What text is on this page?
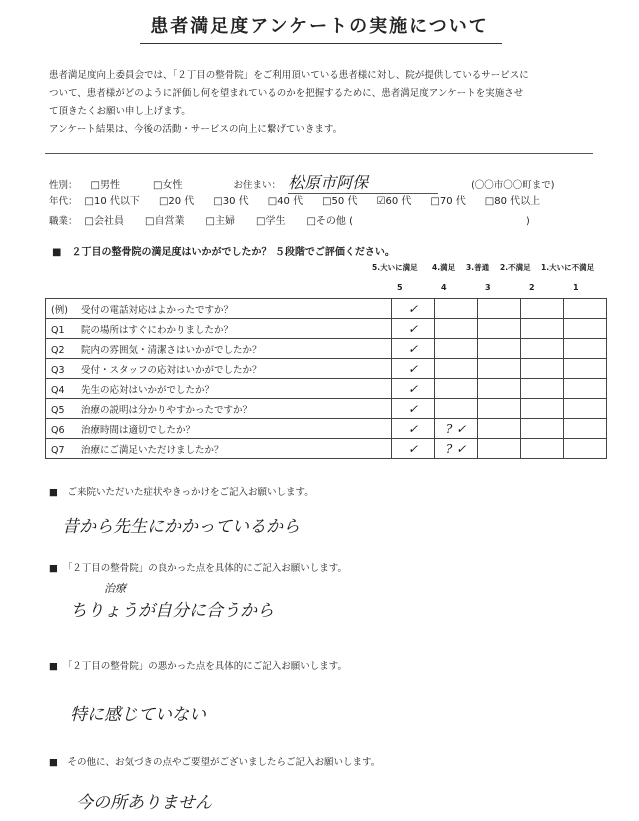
患者満足度アンケートの実施について

患者満足度向上委員会では、「２丁目の整骨院」をご利用頂いている患者様に対し、院が提供しているサービスに

ついて、患者様がどのように評価し何を望まれているのかを把握するために、患者満足度アンケートを実施させ

て頂きたくお願い申し上げます。

アンケート結果は、今後の活動・サービスの向上に繋げていきます。

性別： □男性	□女性	お住まい： 松原市阿保	(〇〇市〇〇町まで)
年代： □10 代以下 □20 代 □30 代 □40 代 □50 代 ☑60 代 □70 代 □80 代以上
職業： □会社員 □自営業 □主婦 □学生 □その他 (	)
■　２丁目の整骨院の満足度はいかがでしたか？ ５段階でご評価ください。
5.大いに満足 4.満足 3.普通 2.不満足 1.大いに不満足
5	4	3	2	1
(例) 受付の電話対応はよかったですか？	✓				
Q1 院の場所はすぐにわかりましたか？	✓				
Q2 院内の雰囲気・清潔さはいかがでしたか？	✓				
Q3 受付・スタッフの応対はいかがでしたか？	✓				
Q4 先生の応対はいかがでしたか？	✓				
Q5 治療の説明は分かりやすかったですか？	✓				
Q6 治療時間は適切でしたか？	✓	? ✓			
Q7 治療にご満足いただけましたか？	✓	? ✓			
■　ご来院いただいた症状やきっかけをご記入お願いします。
昔から先生にかかっているから
■　「２丁目の整骨院」の良かった点を具体的にご記入お願いします。
治療
ちりょうが自分に合うから
■　「２丁目の整骨院」の悪かった点を具体的にご記入お願いします。
特に感じていない
■　その他に、お気づきの点やご要望がございましたらご記入お願いします。
今の所ありません
